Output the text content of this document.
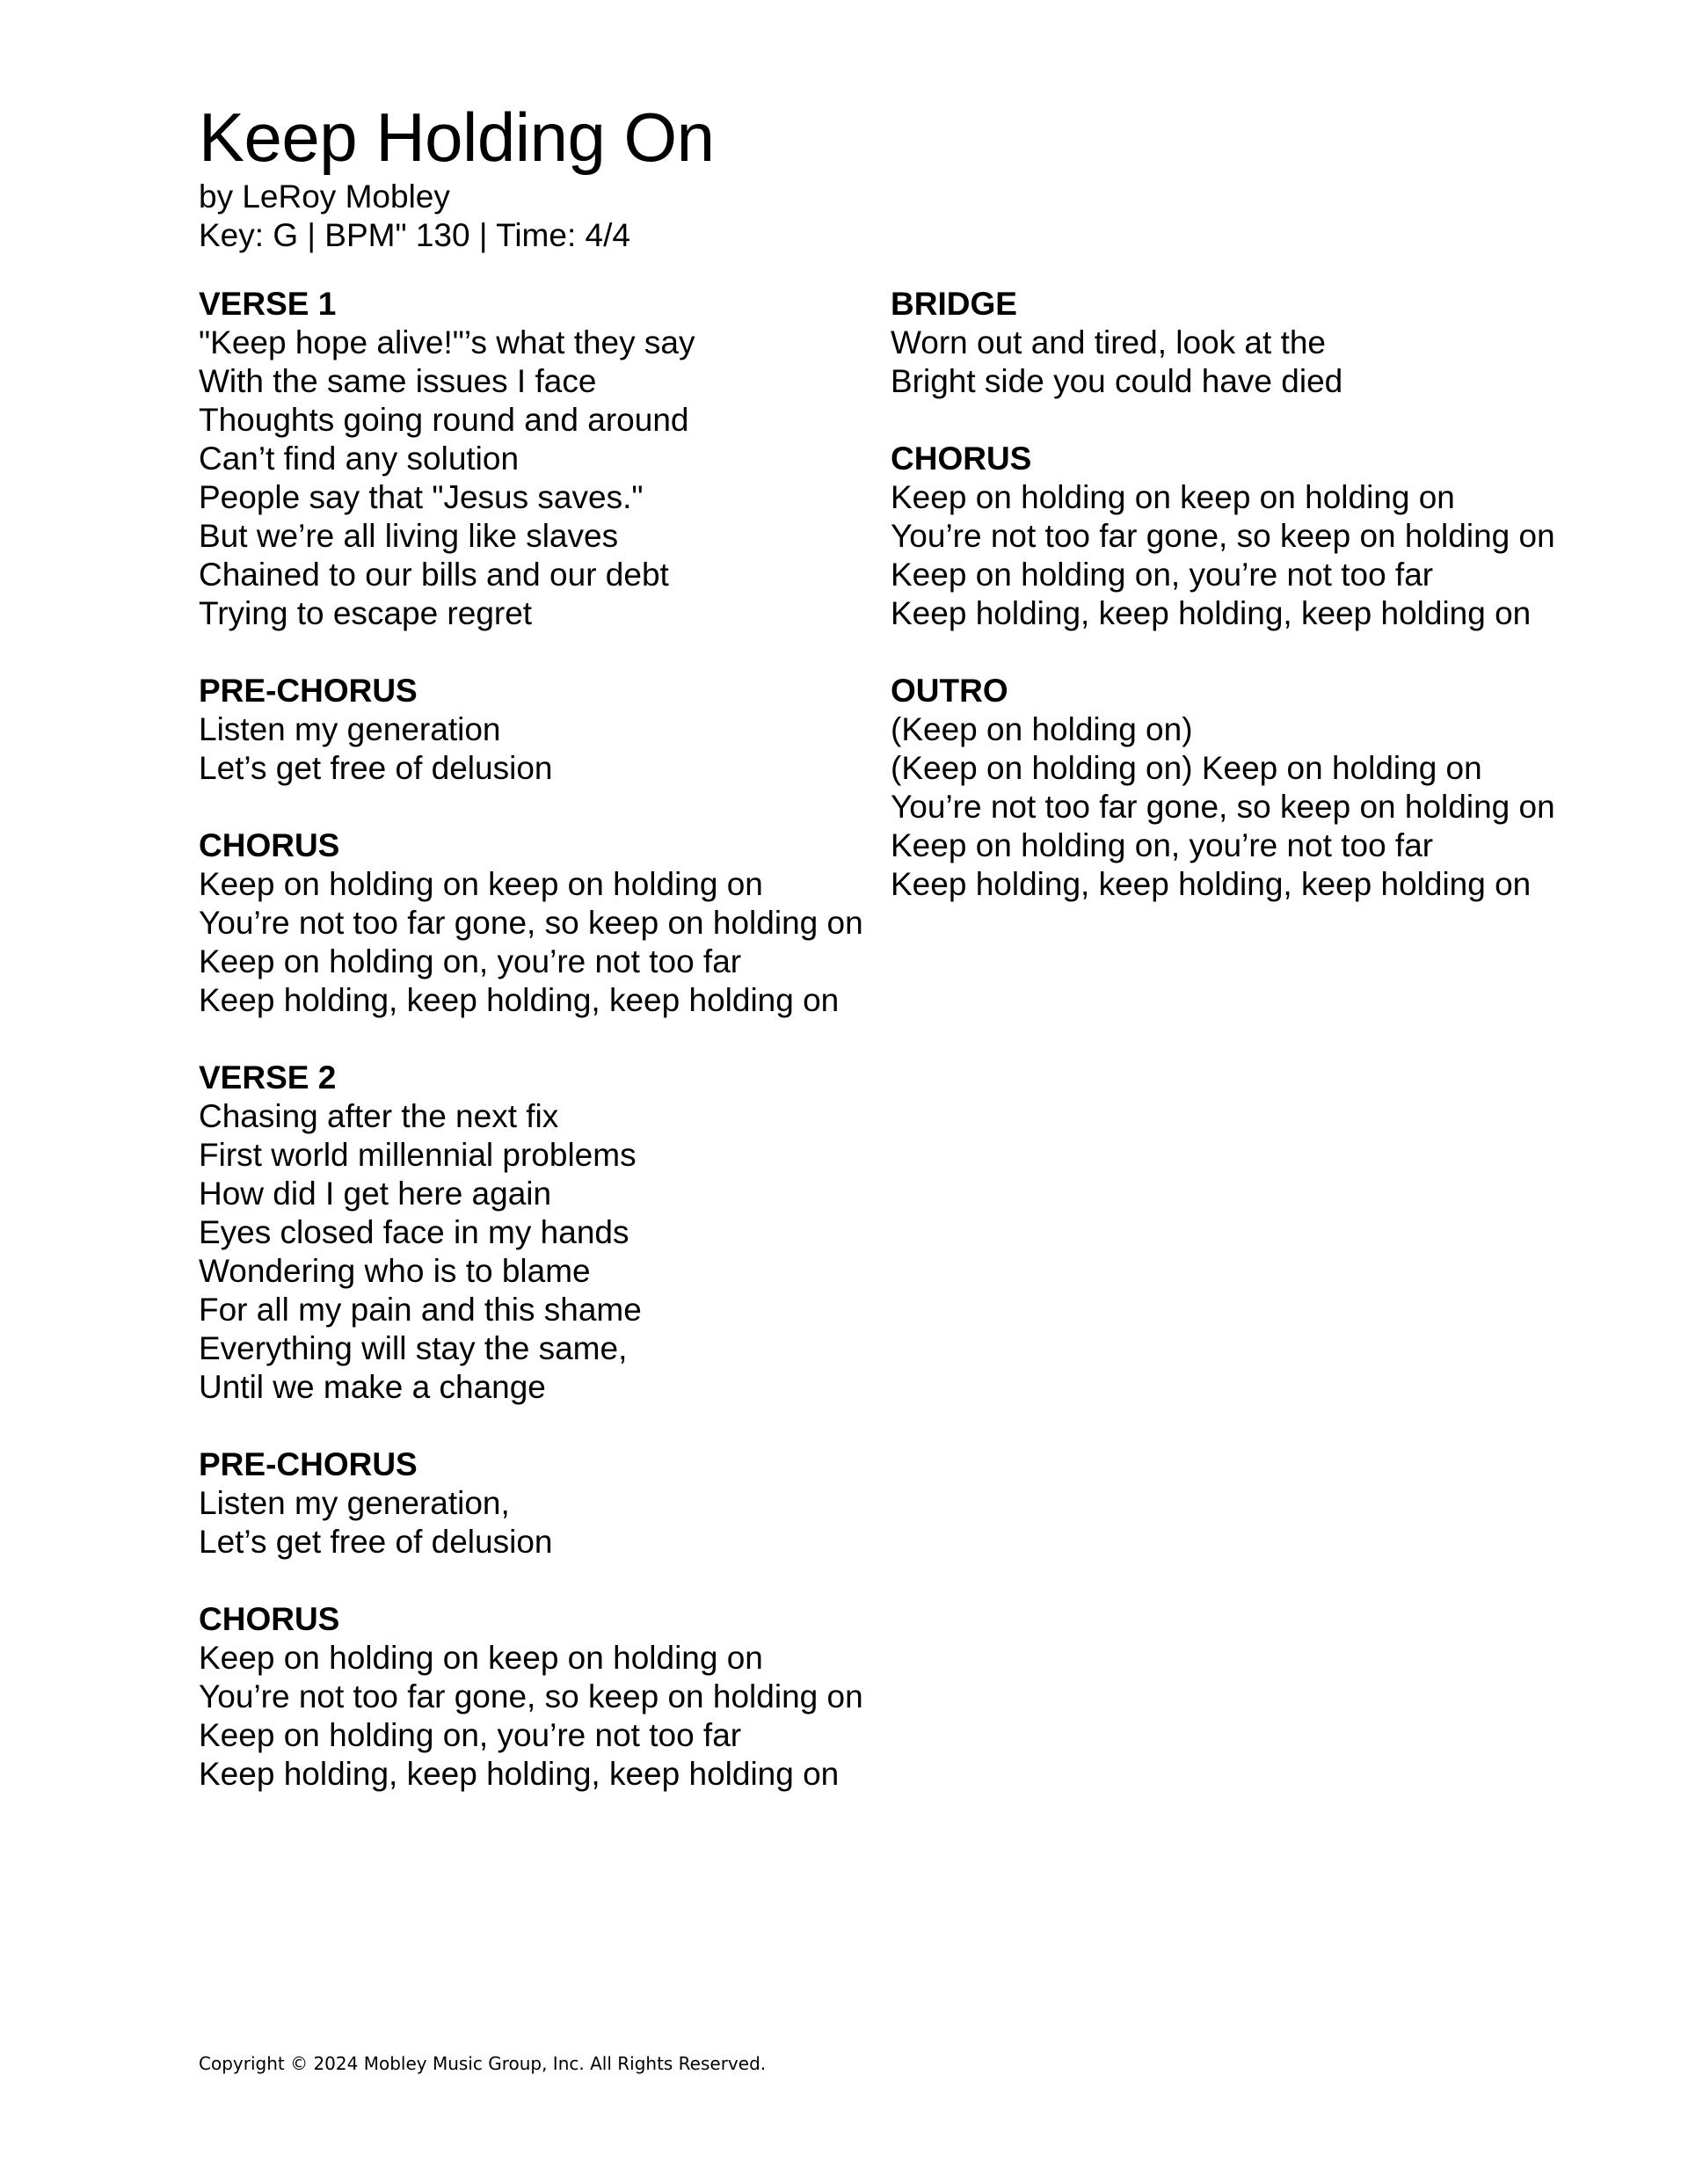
Keep Holding On

by LeRoy Mobley

Key: G | BPM" 130 | Time: 4/4

VERSE 1

"Keep hope alive!"’s what they say

With the same issues I face

Thoughts going round and around

Can’t find any solution

People say that "Jesus saves."

But we’re all living like slaves

Chained to our bills and our debt

Trying to escape regret

PRE-CHORUS

Listen my generation

Let’s get free of delusion

CHORUS

Keep on holding on keep on holding on

You’re not too far gone, so keep on holding on

Keep on holding on, you’re not too far

Keep holding, keep holding, keep holding on

VERSE 2

Chasing after the next fix

First world millennial problems

How did I get here again

Eyes closed face in my hands

Wondering who is to blame

For all my pain and this shame

Everything will stay the same,

Until we make a change

PRE-CHORUS

Listen my generation,

Let’s get free of delusion

CHORUS

Keep on holding on keep on holding on

You’re not too far gone, so keep on holding on

Keep on holding on, you’re not too far

Keep holding, keep holding, keep holding on

BRIDGE

Worn out and tired, look at the

Bright side you could have died

CHORUS

Keep on holding on keep on holding on

You’re not too far gone, so keep on holding on

Keep on holding on, you’re not too far

Keep holding, keep holding, keep holding on

OUTRO

(Keep on holding on)

(Keep on holding on) Keep on holding on

You’re not too far gone, so keep on holding on

Keep on holding on, you’re not too far

Keep holding, keep holding, keep holding on

Copyright © 2024 Mobley Music Group, Inc. All Rights Reserved.
